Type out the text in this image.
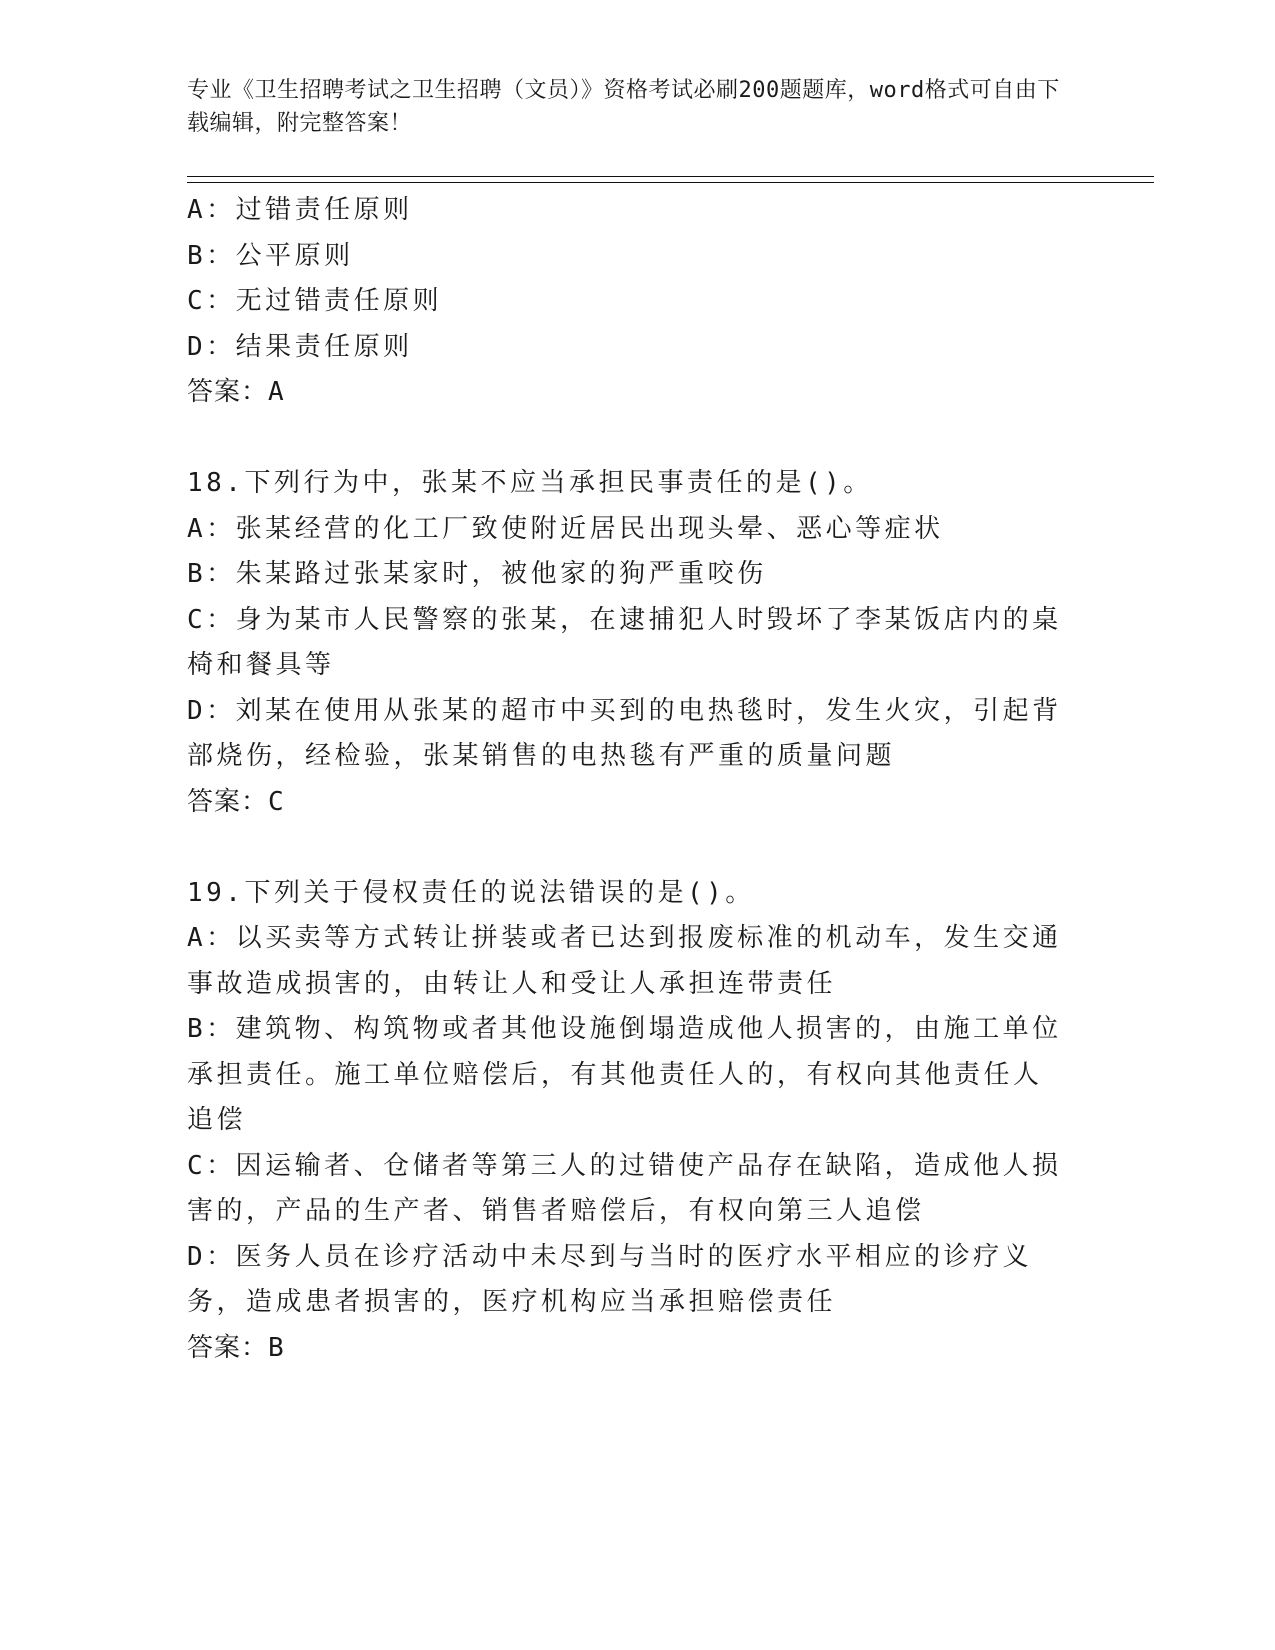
专业《卫生招聘考试之卫生招聘（文员）》资格考试必刷200题题库，word格式可自由下载编辑，附完整答案！

A：过错责任原则

B：公平原则

C：无过错责任原则

D：结果责任原则

答案：A

18.下列行为中，张某不应当承担民事责任的是()。

A：张某经营的化工厂致使附近居民出现头晕、恶心等症状

B：朱某路过张某家时，被他家的狗严重咬伤

C：身为某市人民警察的张某，在逮捕犯人时毁坏了李某饭店内的桌椅和餐具等

D：刘某在使用从张某的超市中买到的电热毯时，发生火灾，引起背部烧伤，经检验，张某销售的电热毯有严重的质量问题

答案：C

19.下列关于侵权责任的说法错误的是()。

A：以买卖等方式转让拼装或者已达到报废标准的机动车，发生交通事故造成损害的，由转让人和受让人承担连带责任

B：建筑物、构筑物或者其他设施倒塌造成他人损害的，由施工单位承担责任。施工单位赔偿后，有其他责任人的，有权向其他责任人追偿

C：因运输者、仓储者等第三人的过错使产品存在缺陷，造成他人损害的，产品的生产者、销售者赔偿后，有权向第三人追偿

D：医务人员在诊疗活动中未尽到与当时的医疗水平相应的诊疗义务，造成患者损害的，医疗机构应当承担赔偿责任

答案：B
